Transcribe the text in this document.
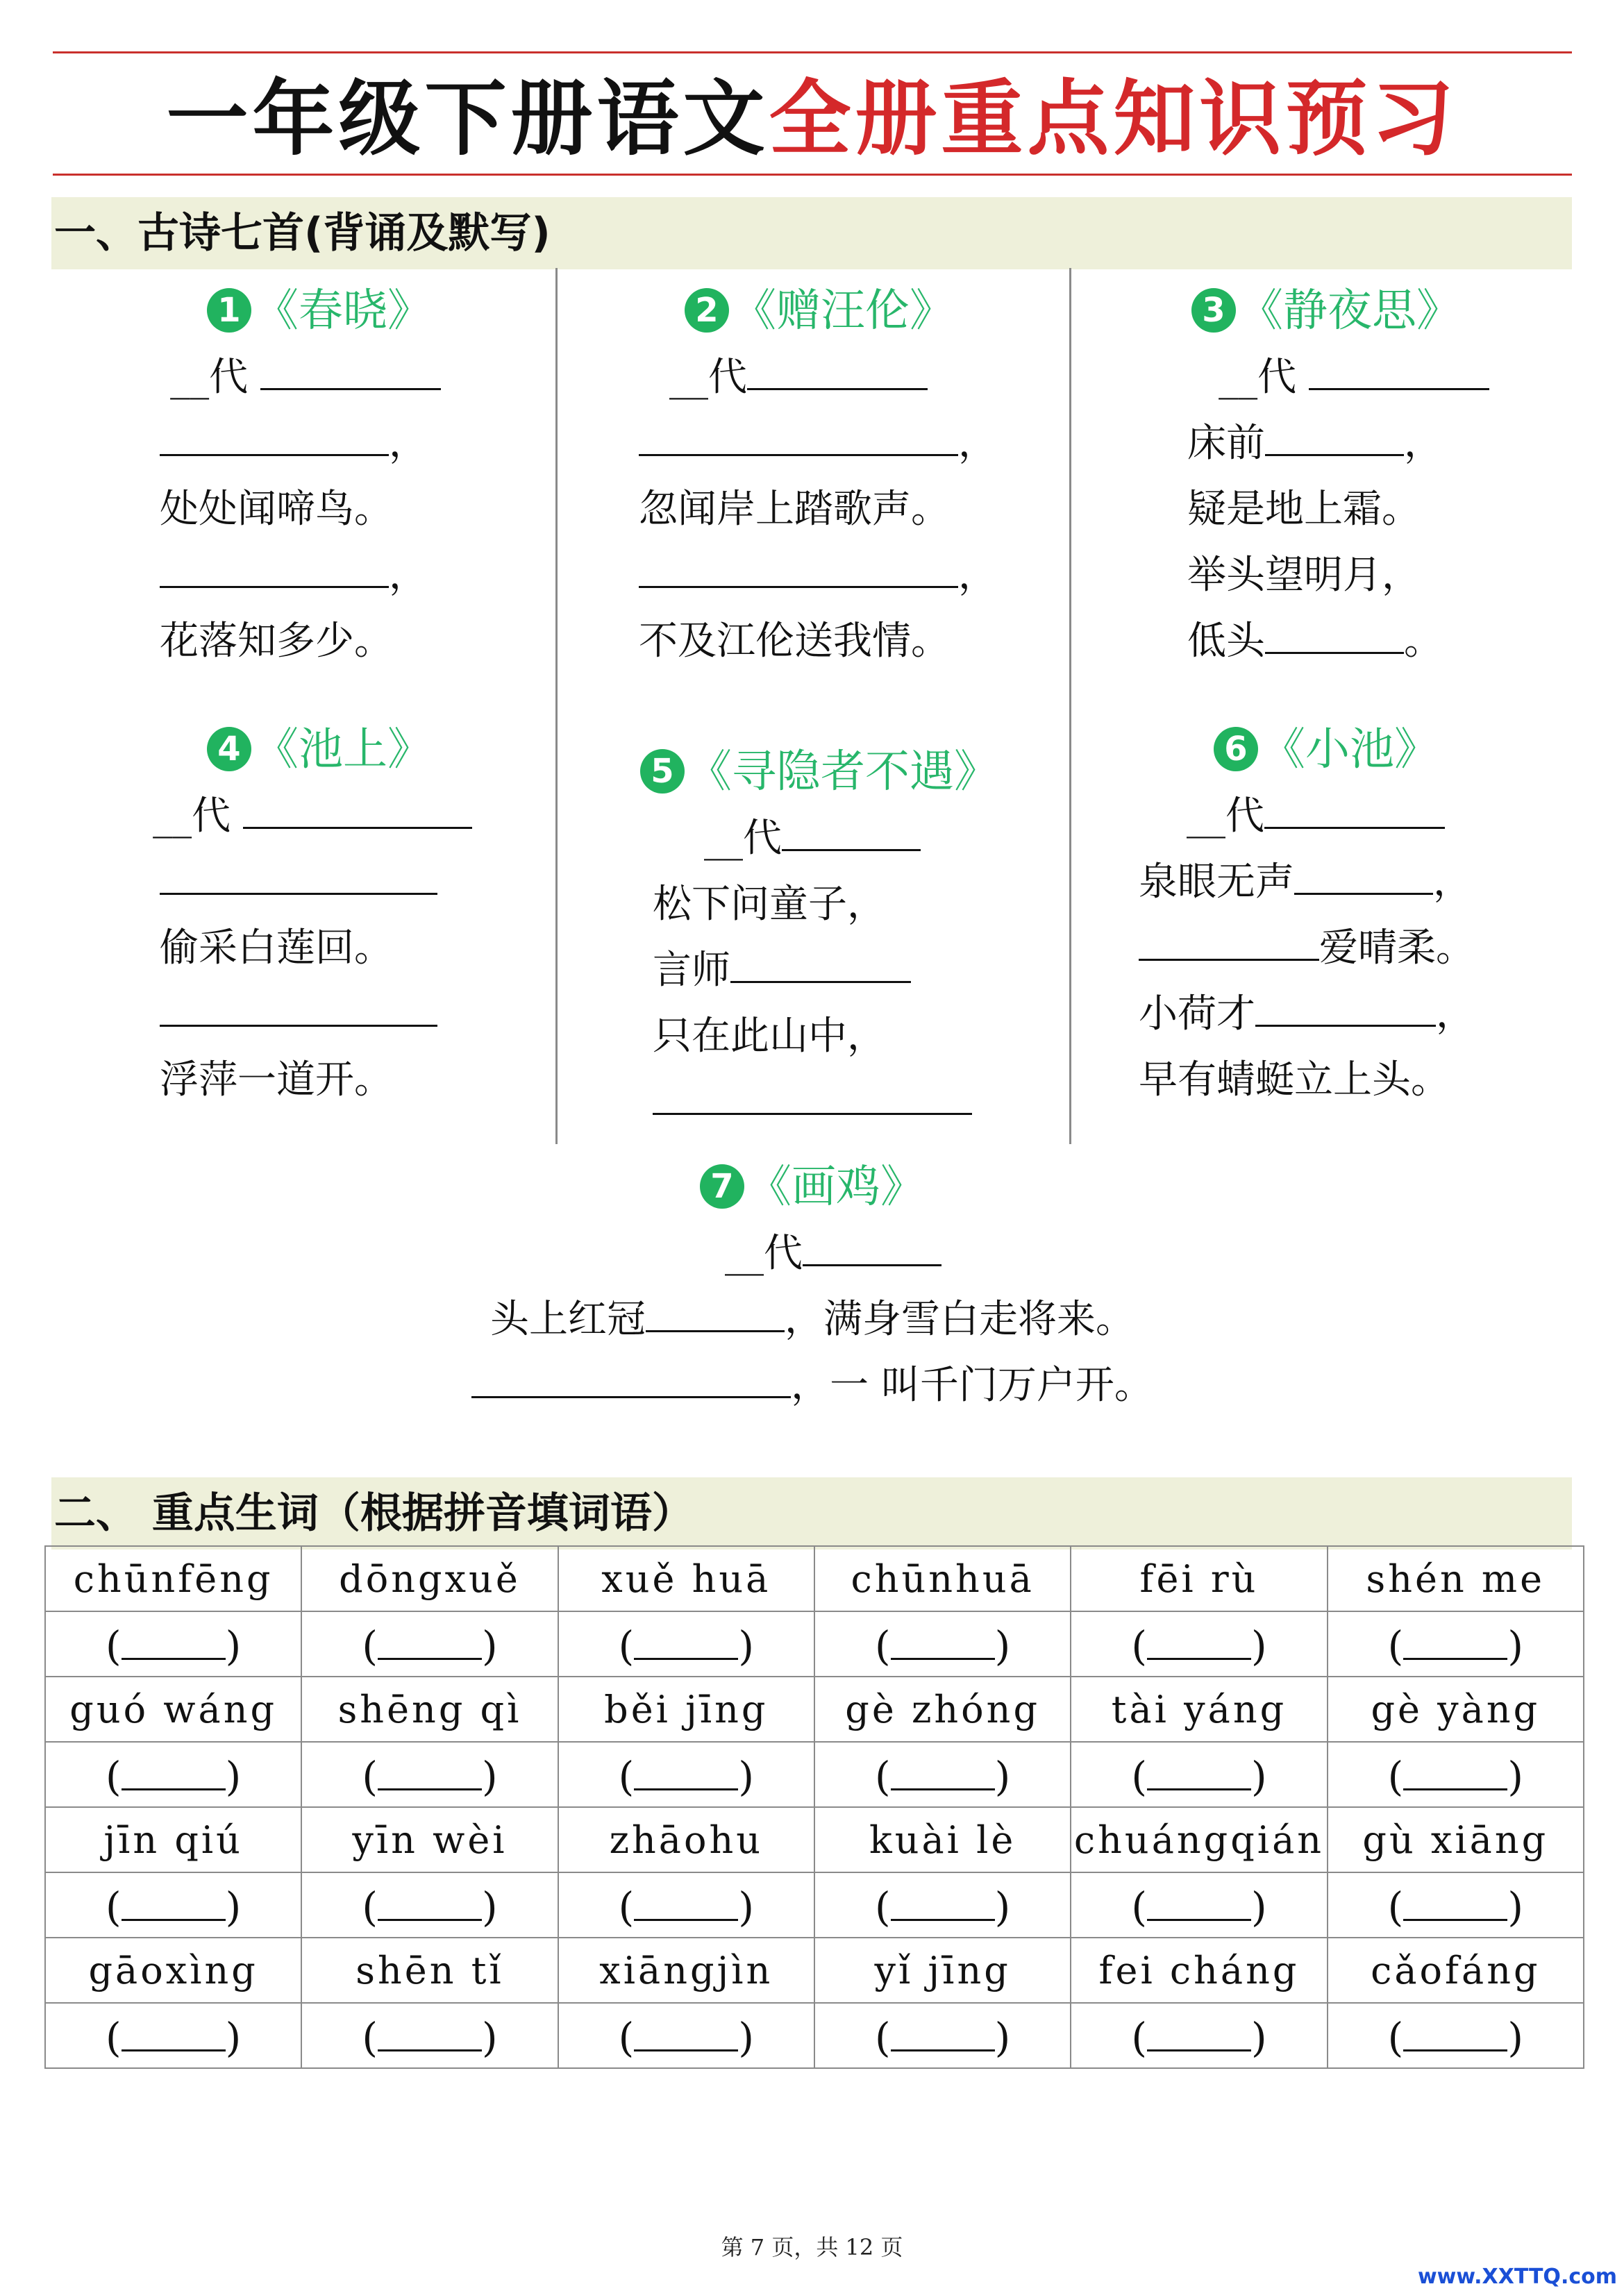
一年级下册语文全册重点知识预习
一、古诗七首(背诵及默写)
1 《春晓》
__代
，
处处闻啼鸟。
，
花落知多少。
2 《赠汪伦》
__代
，
忽闻岸上踏歌声。
，
不及江伦送我情。
3 《静夜思》
__代
床前	，
疑是地上霜。
举头望明月，
低头	。
4 《池上》
__代
偷采白莲回。
浮萍一道开。
5 《寻隐者不遇》
__代
松下问童子，
言师
只在此山中，
6 《小池》
__代
泉眼无声	，
爱晴柔。
小荷才	，
早有蜻蜓立上头。
7 《画鸡》
__代
头上红冠	，满身雪白走将来。
，一 叫千门万户开。
二、 重点生词（根据拼音填词语）
chūnfēng	dōngxuě	xuě huā	chūnhuā	fēi rù	shén me
( )	( )	( )	( )	( )	( )
guó wáng	shēng qì	běi jīng	gè zhóng	tài yáng	gè yàng
( )	( )	( )	( )	( )	( )
jīn qiú	yīn wèi	zhāohu	kuài lè	chuángqián	gù xiāng
( )	( )	( )	( )	( )	( )
gāoxìng	shēn tǐ	xiāngjìn	yǐ jīng	fei cháng	cǎofáng
( )	( )	( )	( )	( )	( )
第 7 页，共 12 页
www.XXTTQ.com
